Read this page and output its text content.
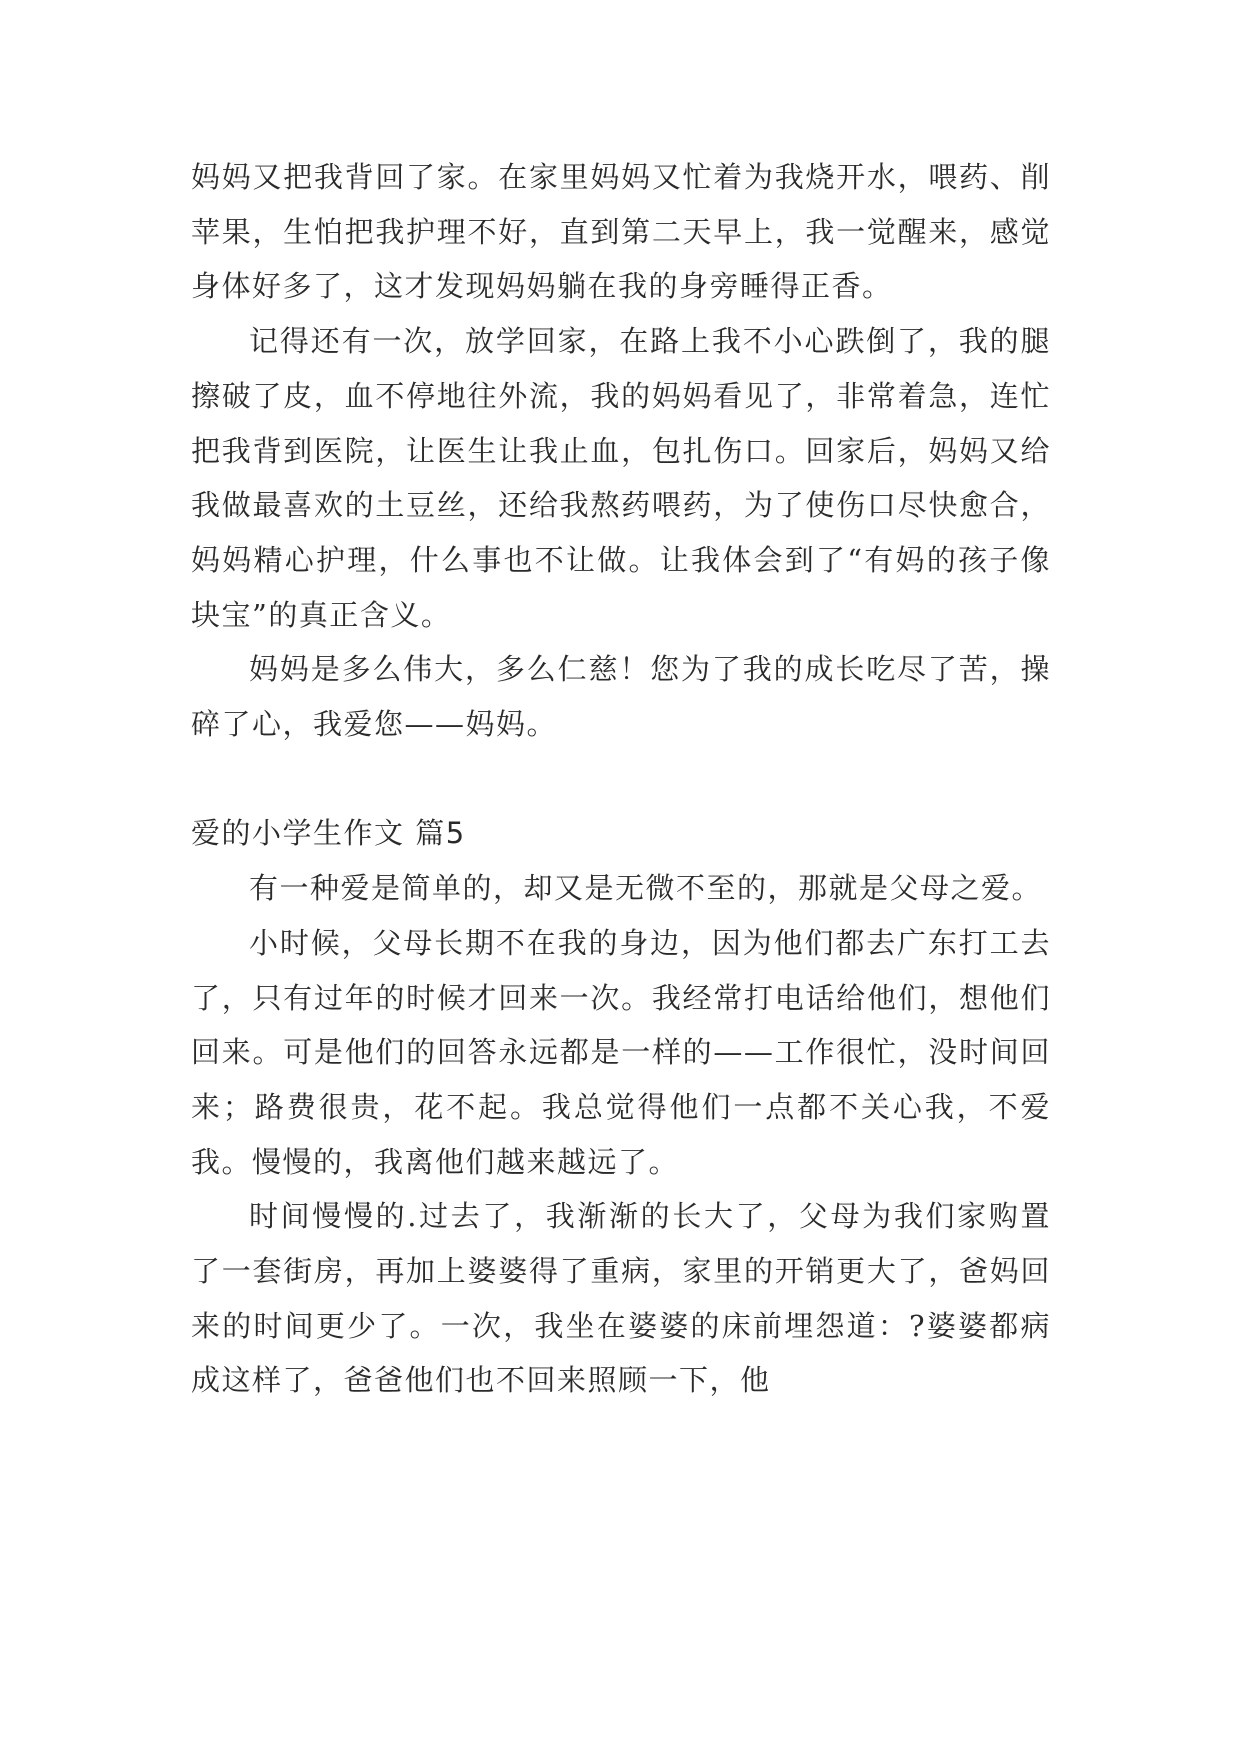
妈妈又把我背回了家。在家里妈妈又忙着为我烧开水，喂药、削苹果，生怕把我护理不好，直到第二天早上，我一觉醒来，感觉身体好多了，这才发现妈妈躺在我的身旁睡得正香。

记得还有一次，放学回家，在路上我不小心跌倒了，我的腿擦破了皮，血不停地往外流，我的妈妈看见了，非常着急，连忙把我背到医院，让医生让我止血，包扎伤口。回家后，妈妈又给我做最喜欢的土豆丝，还给我熬药喂药，为了使伤口尽快愈合，妈妈精心护理，什么事也不让做。让我体会到了“有妈的孩子像块宝”的真正含义。

妈妈是多么伟大，多么仁慈！您为了我的成长吃尽了苦，操碎了心，我爱您——妈妈。

爱的小学生作文 篇5

有一种爱是简单的，却又是无微不至的，那就是父母之爱。

小时候，父母长期不在我的身边，因为他们都去广东打工去了，只有过年的时候才回来一次。我经常打电话给他们，想他们回来。可是他们的回答永远都是一样的——工作很忙，没时间回来；路费很贵，花不起。我总觉得他们一点都不关心我，不爱我。慢慢的，我离他们越来越远了。

时间慢慢的.过去了，我渐渐的长大了，父母为我们家购置了一套街房，再加上婆婆得了重病，家里的开销更大了，爸妈回来的时间更少了。一次，我坐在婆婆的床前埋怨道：?婆婆都病成这样了，爸爸他们也不回来照顾一下，他
